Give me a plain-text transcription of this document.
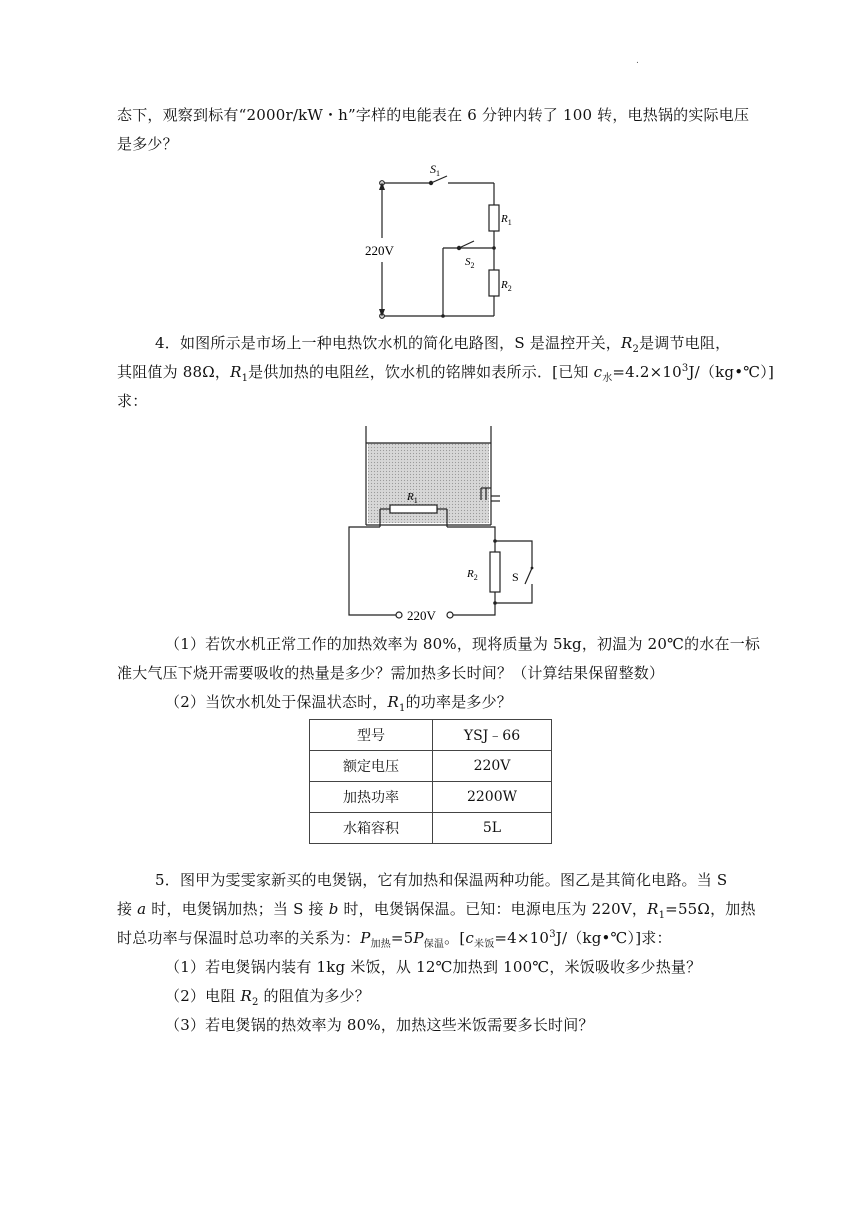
.
态下，观察到标有“2000r/kW・h”字样的电能表在 6 分钟内转了 100 转，电热锅的实际电压
是多少？
$S_1$
$R_1$
220V
$S_2$
$R_2$
4．如图所示是市场上一种电热饮水机的简化电路图，S 是温控开关，$R_2$是调节电阻，
其阻值为 88Ω，$R_1$是供加热的电阻丝，饮水机的铭牌如表所示．[已知 $c_水=4.2\times 10^3J/(kg•℃)$]
求：
$R_1$
$R_2$	S
220V
（1）若饮水机正常工作的加热效率为 80%，现将质量为 5kg，初温为 20℃的水在一标
准大气压下烧开需要吸收的热量是多少？需加热多长时间？（计算结果保留整数）
（2）当饮水机处于保温状态时，$R_1$的功率是多少？
型号	YSJ﹣66
额定电压	220V
加热功率	2200W
水箱容积	5L
5．图甲为雯雯家新买的电煲锅，它有加热和保温两种功能。图乙是其简化电路。当 S
接 a 时，电煲锅加热；当 S 接 b 时，电煲锅保温。已知：电源电压为 220V，$R_1=55\Omega$，加热
时总功率与保温时总功率的关系为：$P_{加热}=5P_{保温}$。$[c_{米饭}=4\times 10^3J/(kg•℃)]$求：
（1）若电煲锅内装有 1kg 米饭，从 12℃加热到 100℃，米饭吸收多少热量？
（2）电阻 $R_2$ 的阻值为多少？
（3）若电煲锅的热效率为 80%，加热这些米饭需要多长时间？
